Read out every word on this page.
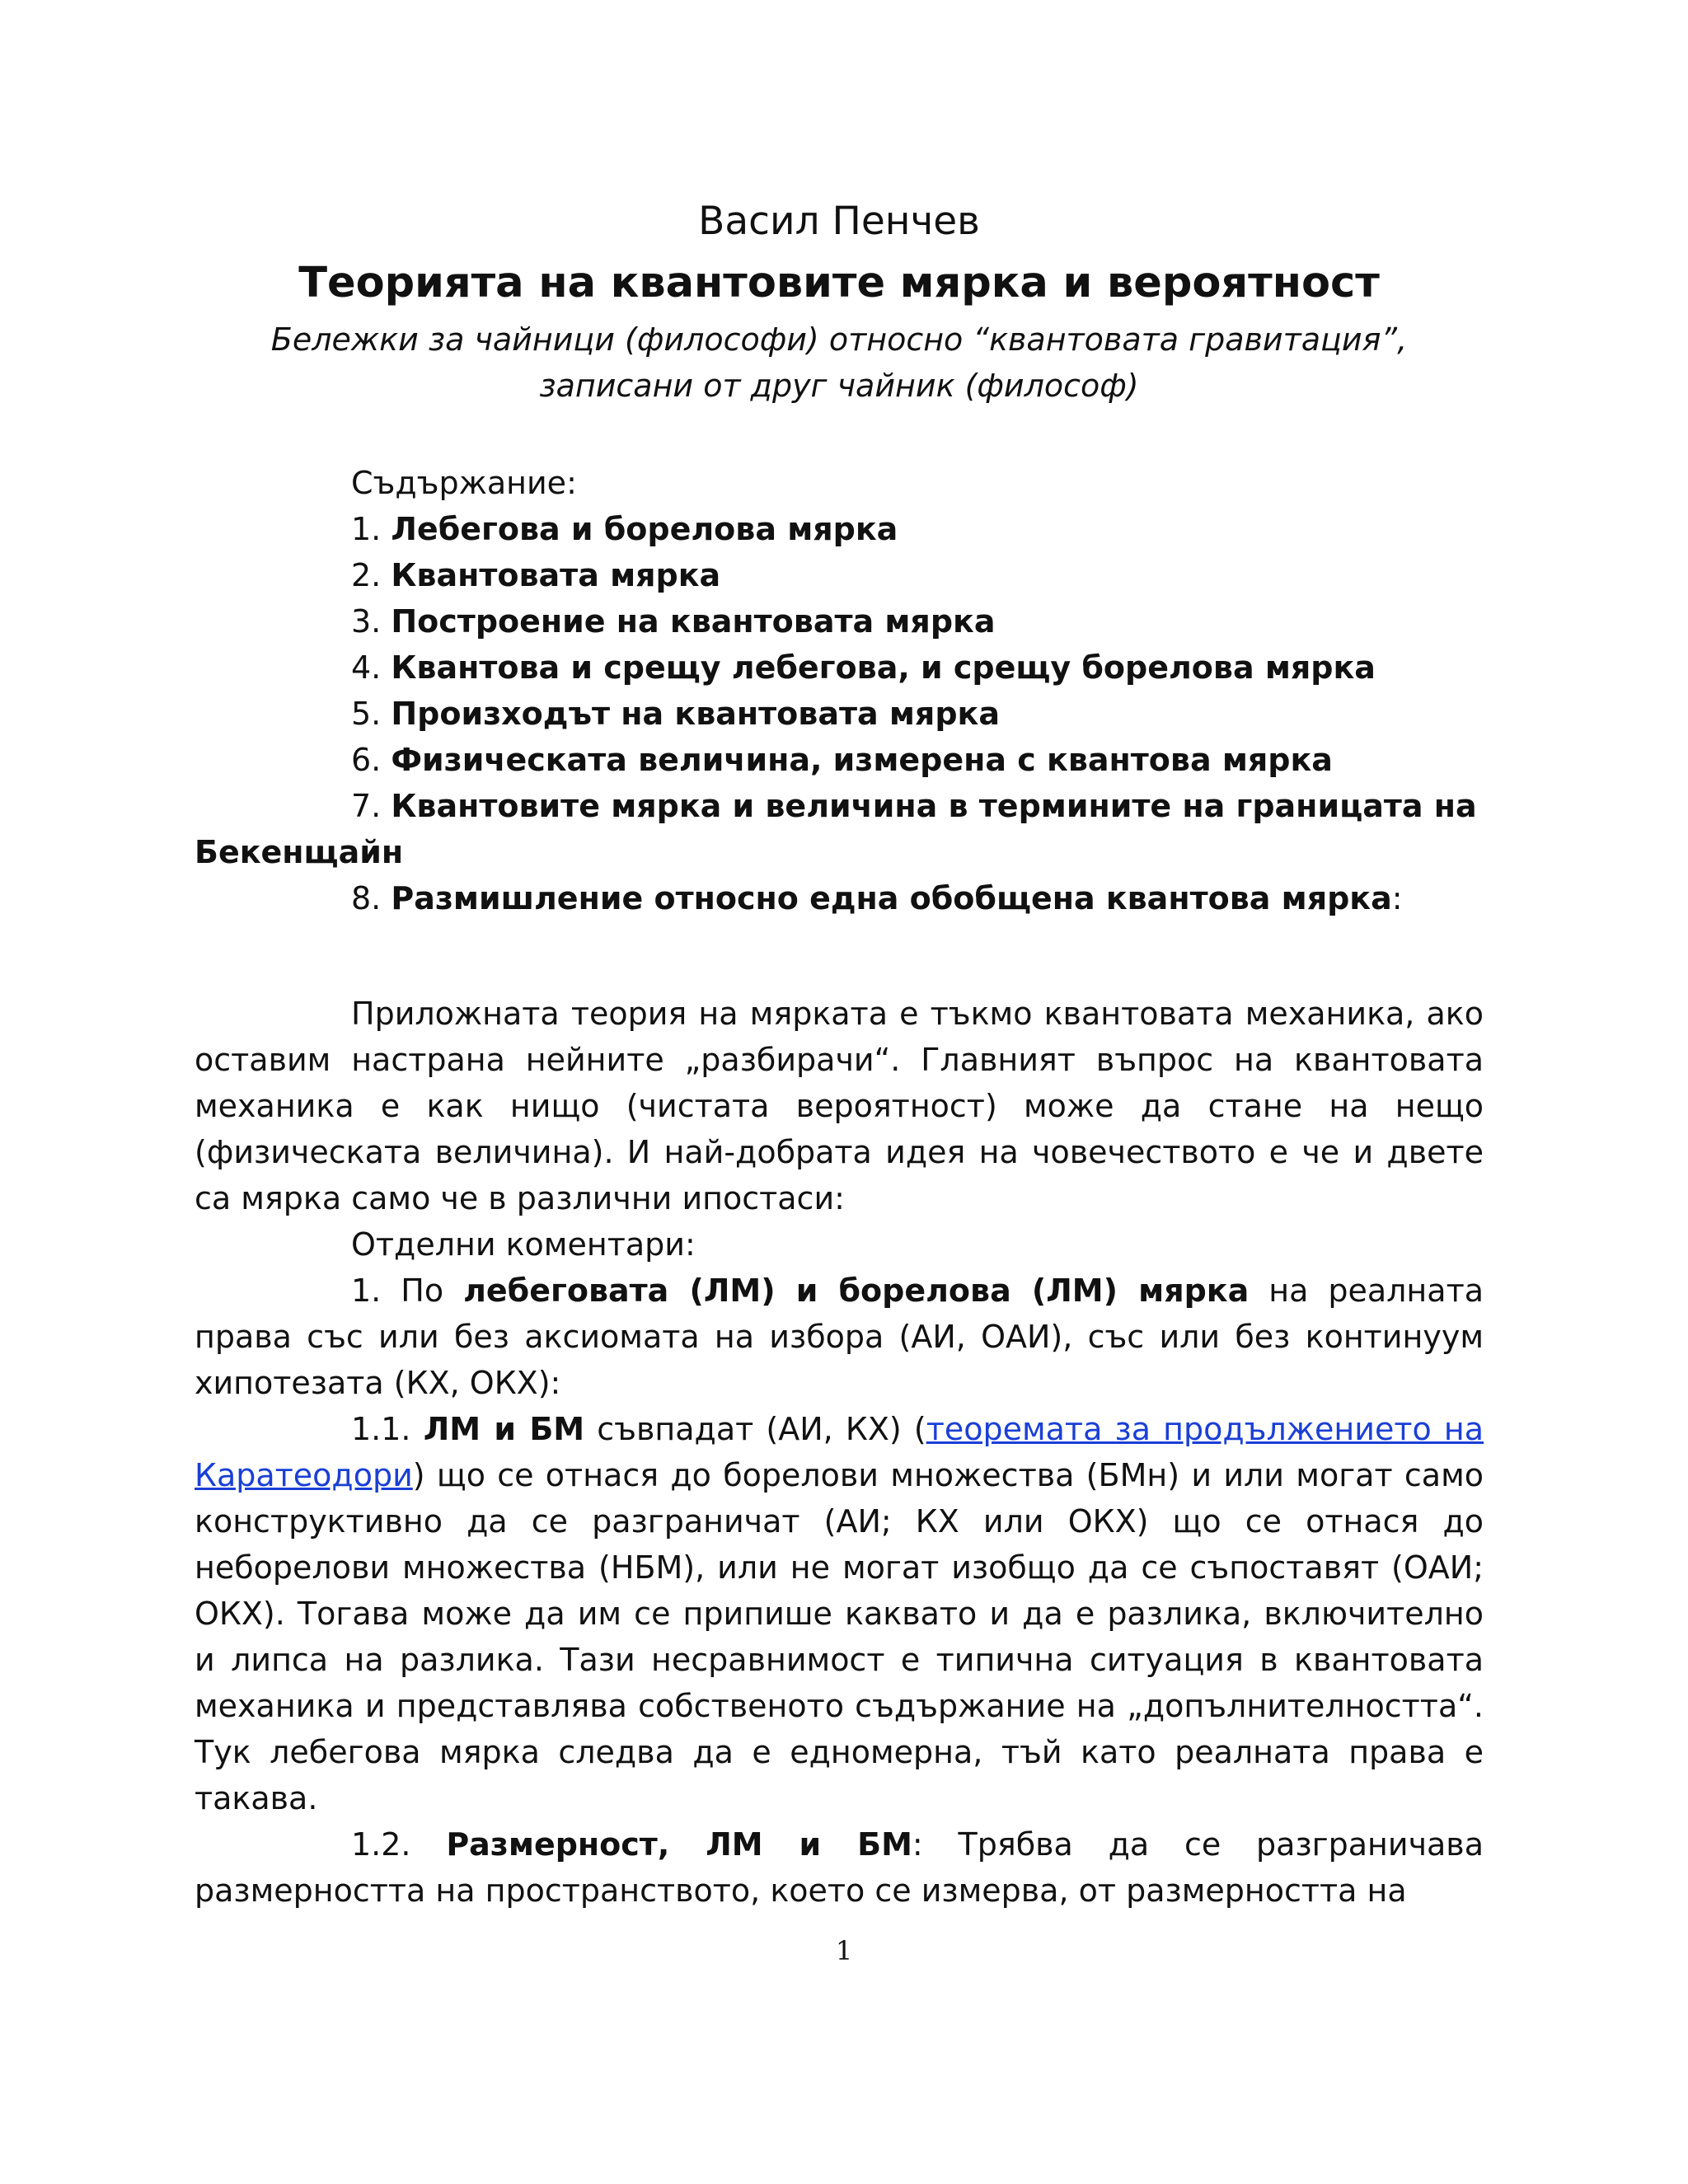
Васил Пенчев
Теорията на квантовите мярка и вероятност
Бележки за чайници (философи) относно “квантовата гравитация”,
записани от друг чайник (философ)
Съдържание:
1. Лебегова и борелова мярка
2. Квантовата мярка
3. Построение на квантовата мярка
4. Квантова и срещу лебегова, и срещу борелова мярка
5. Произходът на квантовата мярка
6. Физическата величина, измерена с квантова мярка
7. Квантовите мярка и величина в термините на границата на Бекенщайн
8. Размишление относно една обобщена квантова мярка:

Приложната теория на мярката е тъкмо квантовата механика, ако оставим настрана нейните „разбирачи“. Главният въпрос на квантовата механика е как нищо (чистата вероятност) може да стане на нещо (физическата величина). И най-добрата идея на човечеството е че и двете са мярка само че в различни ипостаси:

Отделни коментари:

1. По лебеговата (ЛМ) и борелова (ЛМ) мярка на реалната права със или без аксиомата на избора (АИ, ОАИ), със или без континуум хипотезата (КХ, ОКХ):

1.1. ЛМ и БМ съвпадат (АИ, КХ) (теоремата за продължението на Каратеодори) що се отнася до борелови множества (БМн) и или могат само конструктивно да се разграничат (АИ; КХ или ОКХ) що се отнася до неборелови множества (НБМ), или не могат изобщо да се съпоставят (ОАИ; ОКХ). Тогава може да им се припише каквато и да е разлика, включително и липса на разлика. Тази несравнимост е типична ситуация в квантовата механика и представлява собственото съдържание на „допълнителността“. Тук лебегова мярка следва да е едномерна, тъй като реалната права е такава.

1.2. Размерност, ЛМ и БМ: Трябва да се разграничава размерността на пространството, което се измерва, от размерността на

1
